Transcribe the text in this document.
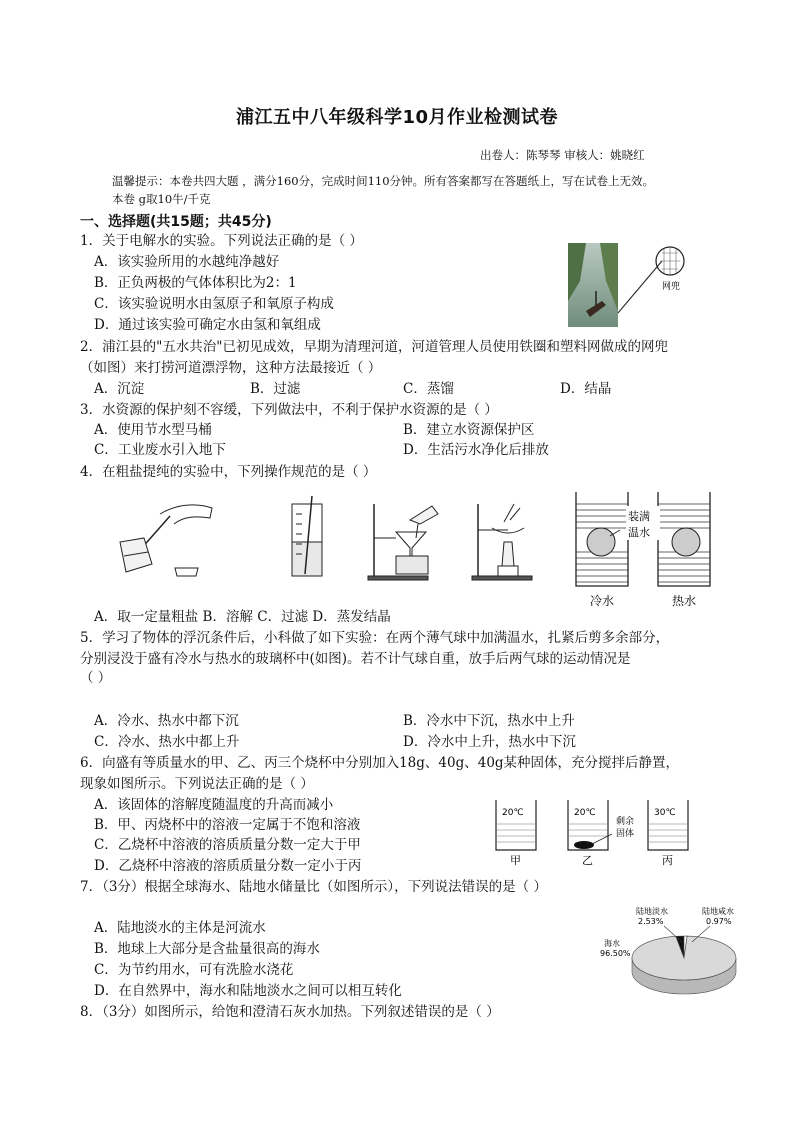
浦江五中八年级科学10月作业检测试卷
出卷人：陈琴琴 审核人：姚晓红
温馨提示：本卷共四大题 ，满分160分，完成时间110分钟。所有答案都写在答题纸上，写在试卷上无效。
本卷 g取10牛/千克
一、选择题(共15题；共45分)
1．关于电解水的实验。下列说法正确的是（ ）
A．该实验所用的水越纯净越好
B．正负两极的气体体积比为2：1
C．该实验说明水由氢原子和氧原子构成
D．通过该实验可确定水由氢和氧组成
网兜
2．浦江县的"五水共治"已初见成效，早期为清理河道，河道管理人员使用铁圈和塑料网做成的网兜
（如图）来打捞河道漂浮物，这种方法最接近（ ）
A．沉淀	B．过滤	C．蒸馏	D．结晶
3．水资源的保护刻不容缓，下列做法中，不利于保护水资源的是（ ）
A．使用节水型马桶	B．建立水资源保护区
C．工业废水引入地下	D．生活污水净化后排放
4．在粗盐提纯的实验中，下列操作规范的是（ ）
A．取一定量粗盐 B．溶解 C．过滤 D．蒸发结晶
装满
温水
冷水	热水
5．学习了物体的浮沉条件后，小科做了如下实验：在两个薄气球中加满温水，扎紧后剪多余部分，
分别浸没于盛有冷水与热水的玻璃杯中(如图)。若不计气球自重，放手后两气球的运动情况是
（ ）
A．冷水、热水中都下沉	B．冷水中下沉，热水中上升
C．冷水、热水中都上升	D．冷水中上升，热水中下沉
6．向盛有等质量水的甲、乙、丙三个烧杯中分别加入18g、40g、40g某种固体，充分搅拌后静置，
现象如图所示。下列说法正确的是（ ）
A．该固体的溶解度随温度的升高而减小
B．甲、丙烧杯中的溶液一定属于不饱和溶液
C．乙烧杯中溶液的溶质质量分数一定大于甲
D．乙烧杯中溶液的溶质质量分数一定小于丙
20℃	20℃	30℃
剩余
固体
甲	乙	丙
7．（3分）根据全球海水、陆地水储量比（如图所示），下列说法错误的是（ ）
A．陆地淡水的主体是河流水
B．地球上大部分是含盐量很高的海水
C．为节约用水，可有洗脸水浇花
D．在自然界中，海水和陆地淡水之间可以相互转化
海水
96.50%
陆地淡水
2.53%
陆地咸水
0.97%
8．（3分）如图所示，给饱和澄清石灰水加热。下列叙述错误的是（ ）
